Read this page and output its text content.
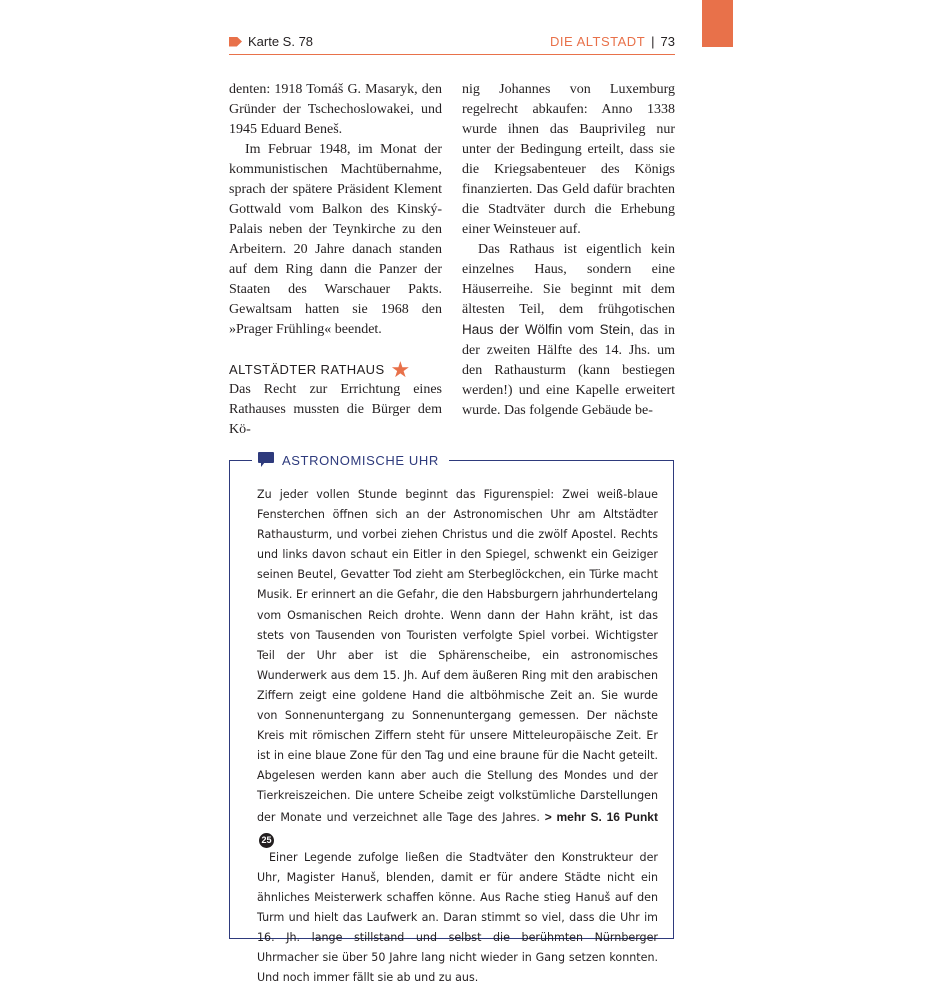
Karte S. 78	DIE ALTSTADT | 73

denten: 1918 Tomáš G. Masaryk, den Gründer der Tschechoslowakei, und 1945 Eduard Beneš.

Im Februar 1948, im Monat der kommunistischen Machtübernahme, sprach der spätere Präsident Klement Gottwald vom Balkon des Kinský-Palais neben der Teynkirche zu den Arbeitern. 20 Jahre danach standen auf dem Ring dann die Panzer der Staaten des Warschauer Pakts. Gewaltsam hatten sie 1968 den »Prager Frühling« beendet.

ALTSTÄDTER RATHAUS ★

Das Recht zur Errichtung eines Rathauses mussten die Bürger dem Kö-

nig Johannes von Luxemburg regelrecht abkaufen: Anno 1338 wurde ihnen das Bauprivileg nur unter der Bedingung erteilt, dass sie die Kriegsabenteuer des Königs finanzierten. Das Geld dafür brachten die Stadtväter durch die Erhebung einer Weinsteuer auf.

Das Rathaus ist eigentlich kein einzelnes Haus, sondern eine Häuserreihe. Sie beginnt mit dem ältesten Teil, dem frühgotischen Haus der Wölfin vom Stein, das in der zweiten Hälfte des 14. Jhs. um den Rathausturm (kann bestiegen werden!) und eine Kapelle erweitert wurde. Das folgende Gebäude be-

ASTRONOMISCHE UHR

Zu jeder vollen Stunde beginnt das Figurenspiel: Zwei weiß-blaue Fensterchen öffnen sich an der Astronomischen Uhr am Altstädter Rathausturm, und vorbei ziehen Christus und die zwölf Apostel. Rechts und links davon schaut ein Eitler in den Spiegel, schwenkt ein Geiziger seinen Beutel, Gevatter Tod zieht am Sterbeglöckchen, ein Türke macht Musik. Er erinnert an die Gefahr, die den Habsburgern jahrhundertelang vom Osmanischen Reich drohte. Wenn dann der Hahn kräht, ist das stets von Tausenden von Touristen verfolgte Spiel vorbei. Wichtigster Teil der Uhr aber ist die Sphärenscheibe, ein astronomisches Wunderwerk aus dem 15. Jh. Auf dem äußeren Ring mit den arabischen Ziffern zeigt eine goldene Hand die altböhmische Zeit an. Sie wurde von Sonnenuntergang zu Sonnenuntergang gemessen. Der nächste Kreis mit römischen Ziffern steht für unsere Mitteleuropäische Zeit. Er ist in eine blaue Zone für den Tag und eine braune für die Nacht geteilt. Abgelesen werden kann aber auch die Stellung des Mondes und der Tierkreiszeichen. Die untere Scheibe zeigt volkstümliche Darstellungen der Monate und verzeichnet alle Tage des Jahres. > mehr S. 16 Punkt 25

Einer Legende zufolge ließen die Stadtväter den Konstrukteur der Uhr, Magister Hanuš, blenden, damit er für andere Städte nicht ein ähnliches Meisterwerk schaffen könne. Aus Rache stieg Hanuš auf den Turm und hielt das Laufwerk an. Daran stimmt so viel, dass die Uhr im 16. Jh. lange stillstand und selbst die berühmten Nürnberger Uhrmacher sie über 50 Jahre lang nicht wieder in Gang setzen konnten. Und noch immer fällt sie ab und zu aus.
